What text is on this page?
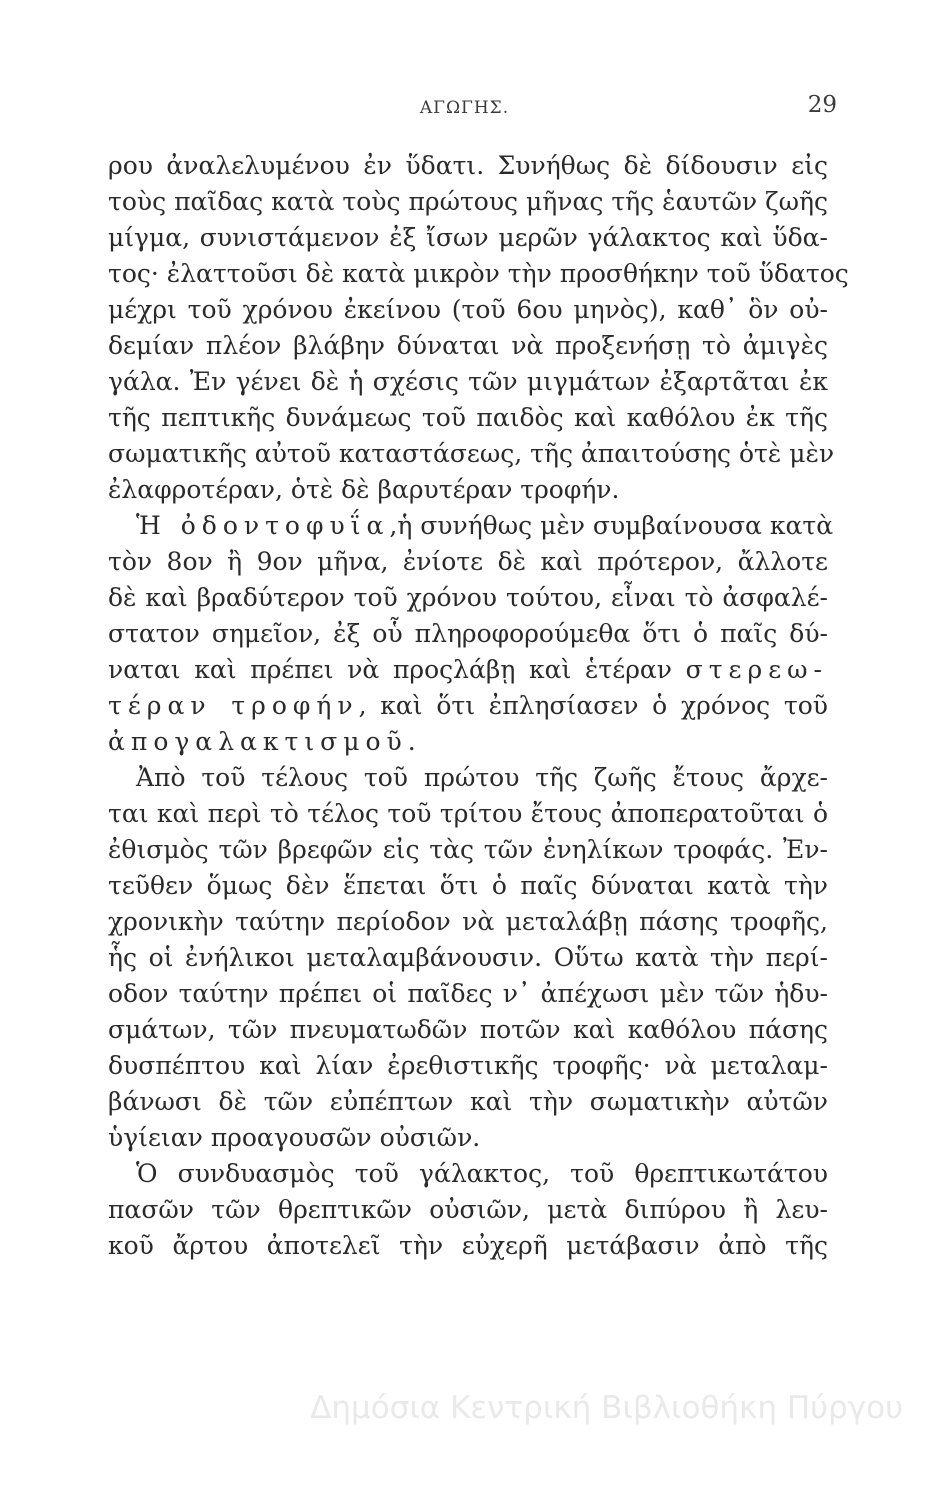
ΑΓΩΓΗΣ.	29
ρου ἀναλελυμένου ἐν ὕδατι. Συνήθως δὲ δίδουσιν εἰς
τοὺς παῖδας κατὰ τοὺς πρώτους μῆνας τῆς ἑαυτῶν ζωῆς
μίγμα, συνιστάμενον ἐξ ἴσων μερῶν γάλακτος καὶ ὕδα-
τος· ἐλαττοῦσι δὲ κατὰ μικρὸν τὴν προσθήκην τοῦ ὕδατος
μέχρι τοῦ χρόνου ἐκείνου (τοῦ 6ου μηνὸς), καθ᾽ ὃν οὐ-
δεμίαν πλέον βλάβην δύναται νὰ προξενήσῃ τὸ ἀμιγὲς
γάλα. Ἐν γένει δὲ ἡ σχέσις τῶν μιγμάτων ἐξαρτᾶται ἐκ
τῆς πεπτικῆς δυνάμεως τοῦ παιδὸς καὶ καθόλου ἐκ τῆς
σωματικῆς αὐτοῦ καταστάσεως, τῆς ἀπαιτούσης ὁτὲ μὲν
ἐλαφροτέραν, ὁτὲ δὲ βαρυτέραν τροφήν.
Ἡ ὀδοντοφυΐα,ἡ συνήθως μὲν συμβαίνουσα κατὰ
τὸν 8ον ἢ 9ον μῆνα, ἐνίοτε δὲ καὶ πρότερον, ἄλλοτε
δὲ καὶ βραδύτερον τοῦ χρόνου τούτου, εἶναι τὸ ἀσφαλέ-
στατον σημεῖον, ἐξ οὗ πληροφορούμεθα ὅτι ὁ παῖς δύ-
ναται καὶ πρέπει νὰ προςλάβῃ καὶ ἑτέραν στερεω-
τέραν τροφήν, καὶ ὅτι ἐπλησίασεν ὁ χρόνος τοῦ
ἀπογαλακτισμοῦ.
Ἀπὸ τοῦ τέλους τοῦ πρώτου τῆς ζωῆς ἔτους ἄρχε-
ται καὶ περὶ τὸ τέλος τοῦ τρίτου ἔτους ἀποπερατοῦται ὁ
ἐθισμὸς τῶν βρεφῶν εἰς τὰς τῶν ἐνηλίκων τροφάς. Ἐν-
τεῦθεν ὅμως δὲν ἕπεται ὅτι ὁ παῖς δύναται κατὰ τὴν
χρονικὴν ταύτην περίοδον νὰ μεταλάβῃ πάσης τροφῆς,
ἧς οἱ ἐνήλικοι μεταλαμβάνουσιν. Οὕτω κατὰ τὴν περί-
οδον ταύτην πρέπει οἱ παῖδες ν᾽ ἀπέχωσι μὲν τῶν ἡδυ-
σμάτων, τῶν πνευματωδῶν ποτῶν καὶ καθόλου πάσης
δυσπέπτου καὶ λίαν ἐρεθιστικῆς τροφῆς· νὰ μεταλαμ-
βάνωσι δὲ τῶν εὐπέπτων καὶ τὴν σωματικὴν αὐτῶν
ὑγίειαν προαγουσῶν οὐσιῶν.
Ὁ συνδυασμὸς τοῦ γάλακτος, τοῦ θρεπτικωτάτου
πασῶν τῶν θρεπτικῶν οὐσιῶν, μετὰ διπύρου ἢ λευ-
κοῦ ἄρτου ἀποτελεῖ τὴν εὐχερῆ μετάβασιν ἀπὸ τῆς
Δημόσια Κεντρική Βιβλιοθήκη Πύργου
